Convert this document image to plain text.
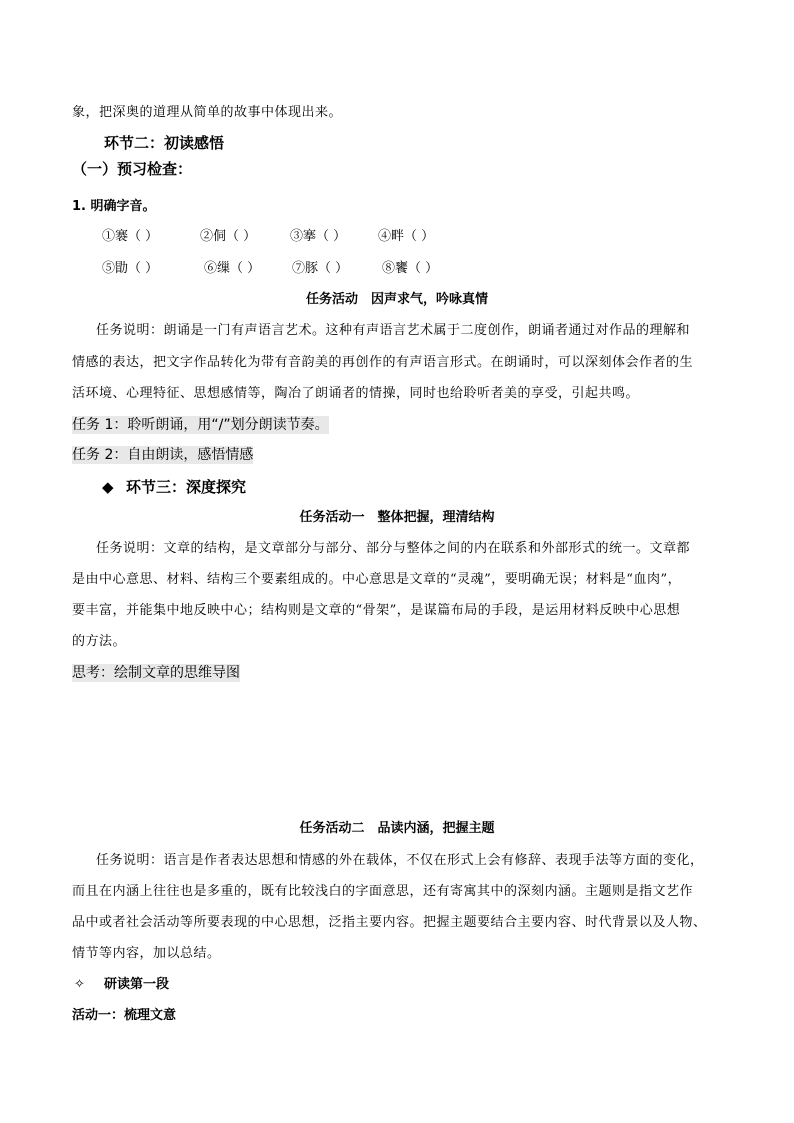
象，把深奥的道理从简单的故事中体现出来。
环节二：初读感悟
（一）预习检查：
1. 明确字音。
①褰（ ）	②侗（ ）	③搴（ ） ④畔（ ）
⑤勖（ ）	⑥缫（ ） ⑦豚（ ）	⑧饔（ ）
任务活动　因声求气，吟咏真情
任务说明：朗诵是一门有声语言艺术。这种有声语言艺术属于二度创作，朗诵者通过对作品的理解和
情感的表达，把文字作品转化为带有音韵美的再创作的有声语言形式。在朗诵时，可以深刻体会作者的生
活环境、心理特征、思想感情等，陶冶了朗诵者的情操，同时也给聆听者美的享受，引起共鸣。
任务 1：聆听朗诵，用“/”划分朗读节奏。
任务 2：自由朗读，感悟情感
◆ 环节三：深度探究
任务活动一　整体把握，理清结构
任务说明：文章的结构，是文章部分与部分、部分与整体之间的内在联系和外部形式的统一。文章都
是由中心意思、材料、结构三个要素组成的。中心意思是文章的“灵魂”，要明确无误；材料是“血肉”，
要丰富，并能集中地反映中心；结构则是文章的“骨架”，是谋篇布局的手段，是运用材料反映中心思想
的方法。
思考：绘制文章的思维导图
任务活动二　品读内涵，把握主题
任务说明：语言是作者表达思想和情感的外在载体，不仅在形式上会有修辞、表现手法等方面的变化，
而且在内涵上往往也是多重的，既有比较浅白的字面意思，还有寄寓其中的深刻内涵。主题则是指文艺作
品中或者社会活动等所要表现的中心思想，泛指主要内容。把握主题要结合主要内容、时代背景以及人物、
情节等内容，加以总结。
✧ 研读第一段
活动一：梳理文意
